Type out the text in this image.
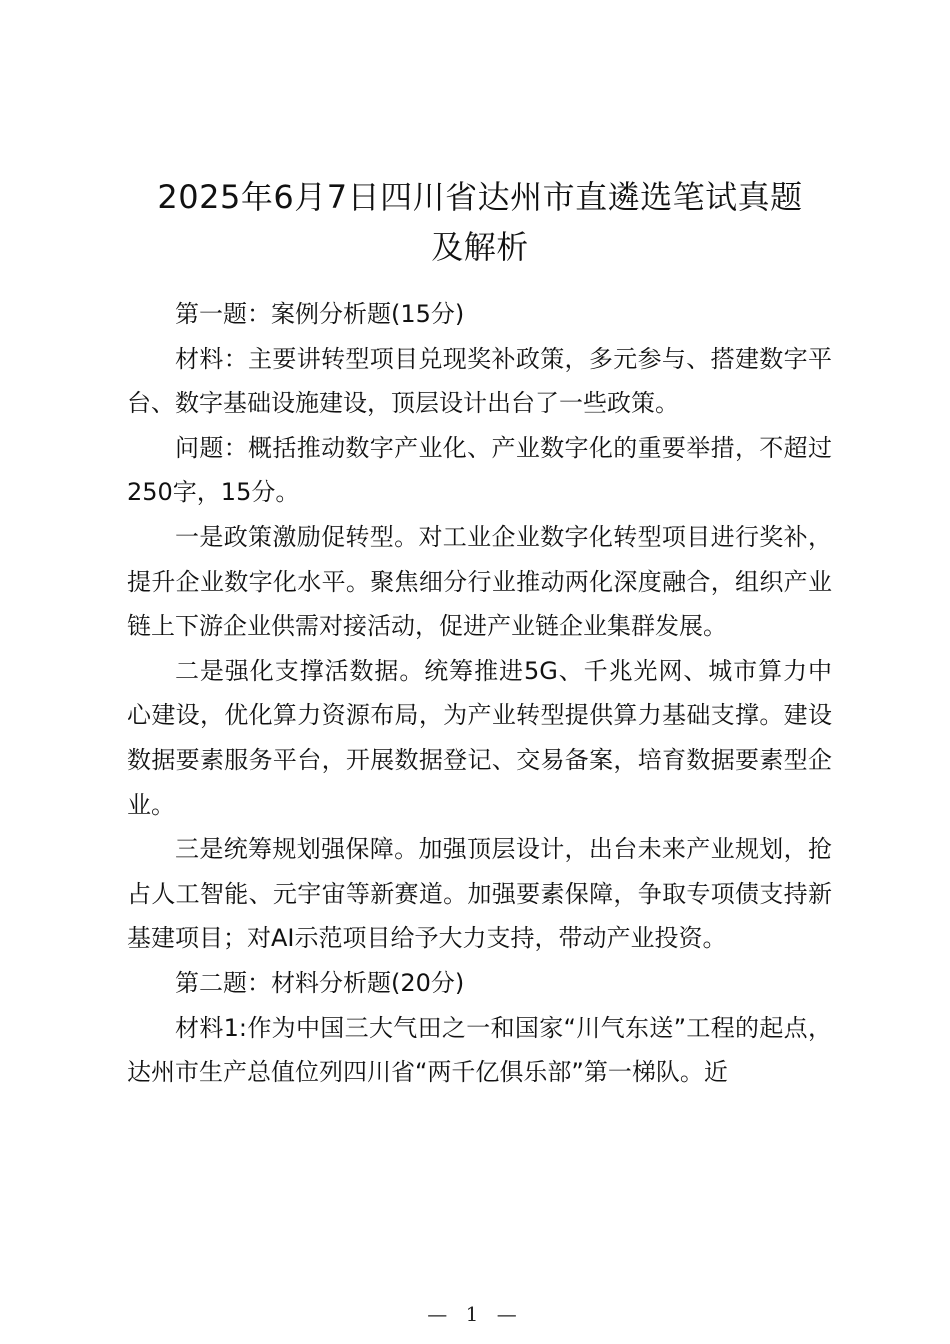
2025年6月7日四川省达州市直遴选笔试真题
及解析

第一题：案例分析题(15分)

材料：主要讲转型项目兑现奖补政策，多元参与、搭建数字平台、数字基础设施建设，顶层设计出台了一些政策。

问题：概括推动数字产业化、产业数字化的重要举措，不超过250字，15分。

一是政策激励促转型。对工业企业数字化转型项目进行奖补，提升企业数字化水平。聚焦细分行业推动两化深度融合，组织产业链上下游企业供需对接活动，促进产业链企业集群发展。

二是强化支撑活数据。统筹推进5G、千兆光网、城市算力中心建设，优化算力资源布局，为产业转型提供算力基础支撑。建设数据要素服务平台，开展数据登记、交易备案，培育数据要素型企业。

三是统筹规划强保障。加强顶层设计，出台未来产业规划，抢占人工智能、元宇宙等新赛道。加强要素保障，争取专项债支持新基建项目；对AI示范项目给予大力支持，带动产业投资。

第二题：材料分析题(20分)

材料1:作为中国三大气田之一和国家“川气东送”工程的起点，达州市生产总值位列四川省“两千亿俱乐部”第一梯队。近

— 1 —
